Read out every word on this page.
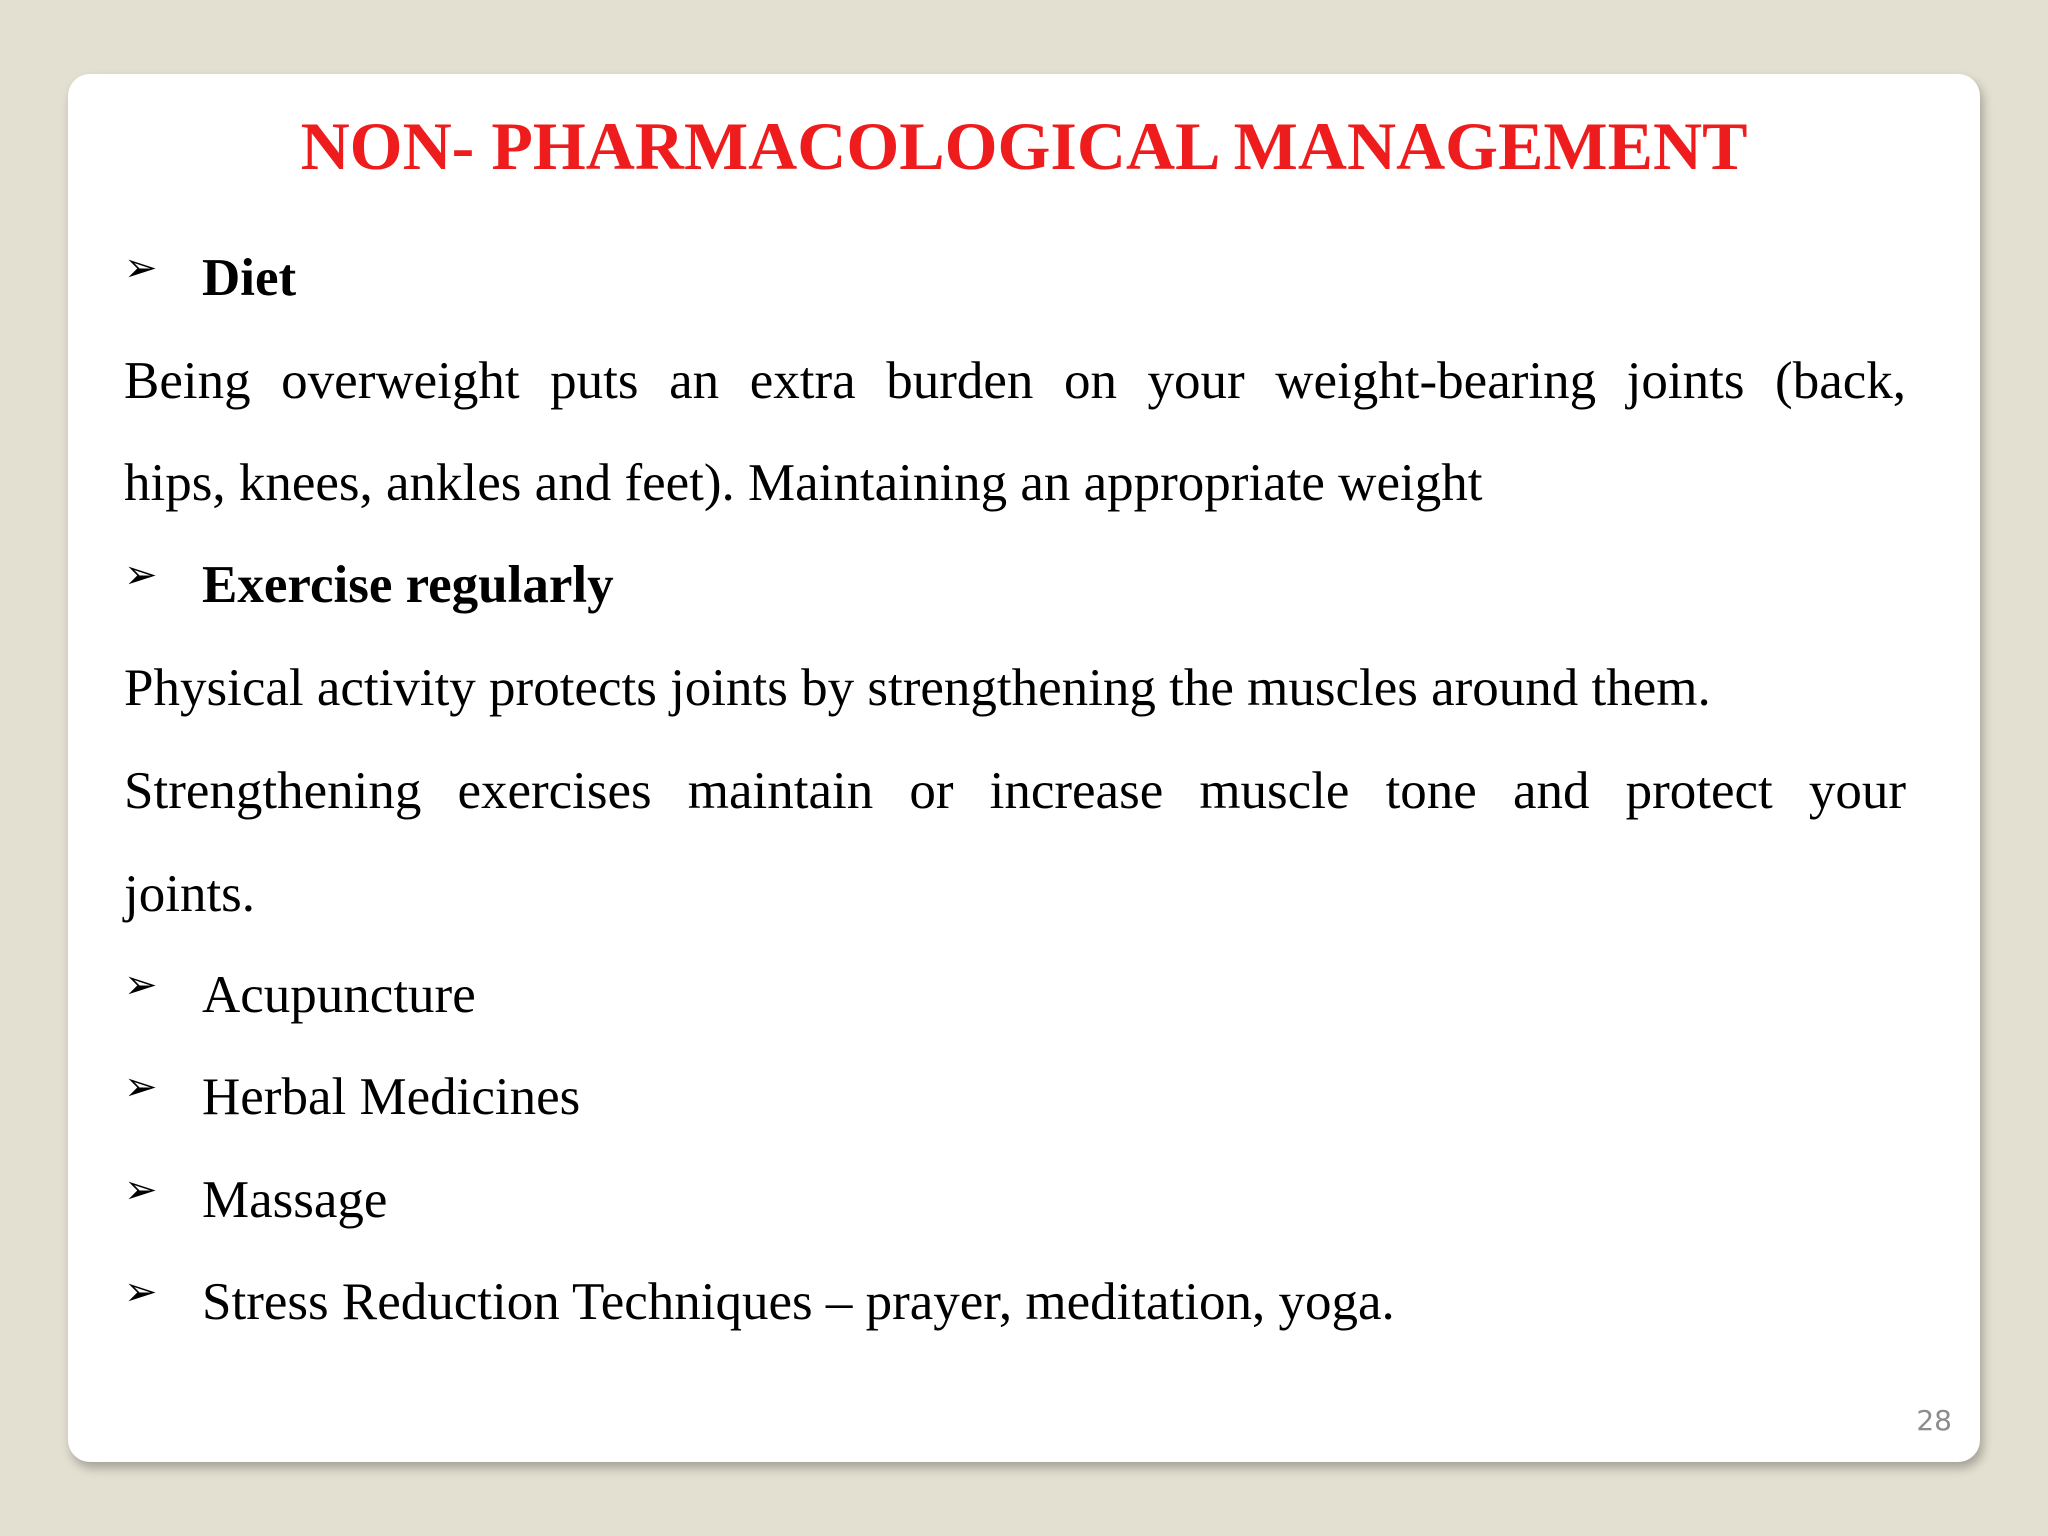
NON- PHARMACOLOGICAL MANAGEMENT
➢ Diet
Being overweight puts an extra burden on your weight-bearing joints (back,
hips, knees, ankles and feet). Maintaining an appropriate weight
➢ Exercise regularly
Physical activity protects joints by strengthening the muscles around them.
Strengthening exercises maintain or increase muscle tone and protect your
joints.
➢ Acupuncture
➢ Herbal Medicines
➢ Massage
➢ Stress Reduction Techniques – prayer, meditation, yoga.
28
